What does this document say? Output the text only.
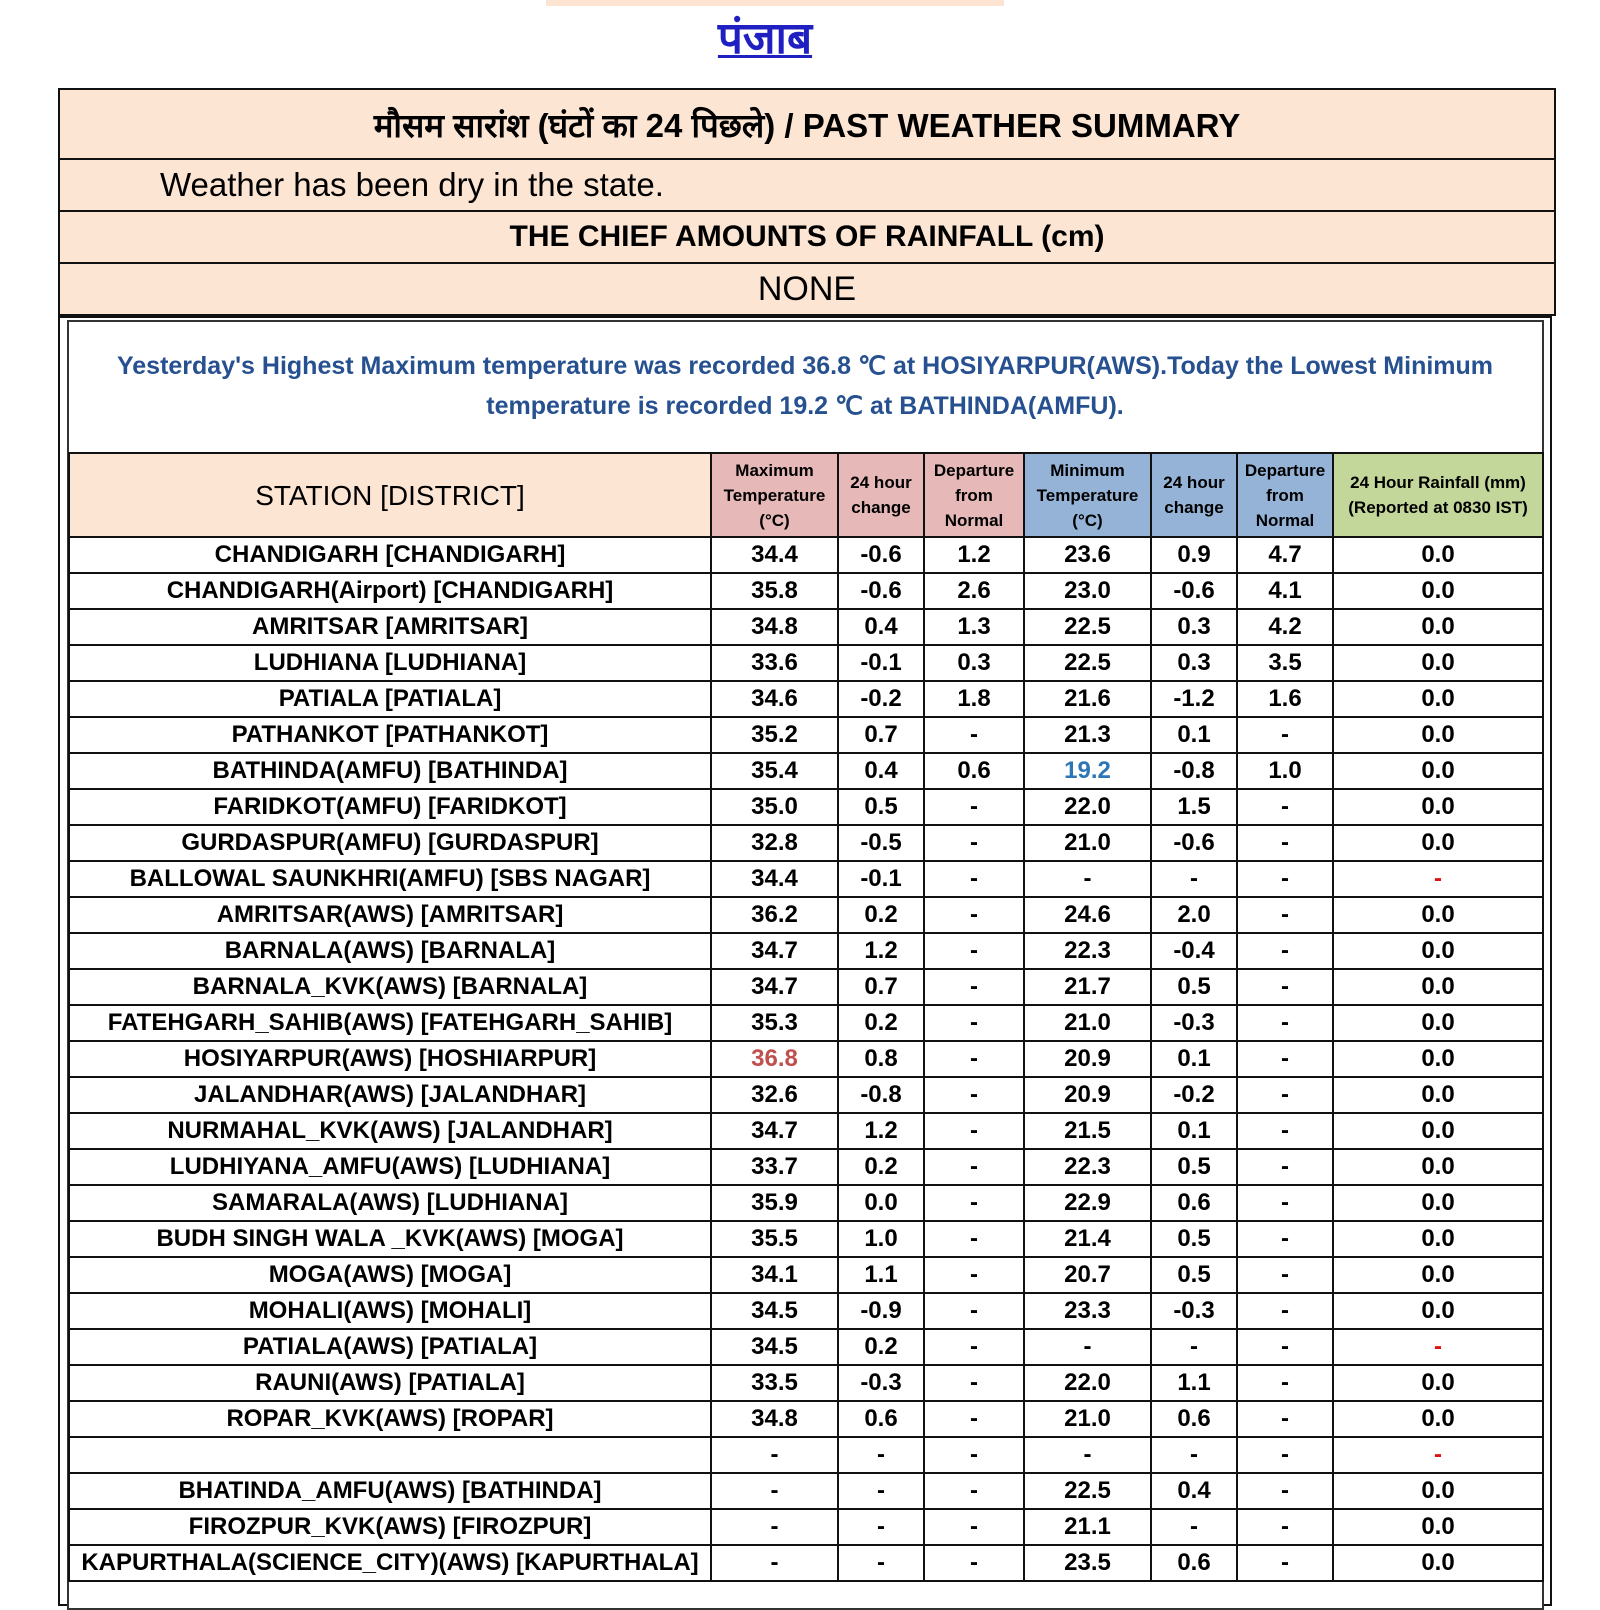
पंजाब
मौसम सारांश (घंटों का 24 पिछले) / PAST WEATHER SUMMARY
Weather has been dry in the state.
THE CHIEF AMOUNTS OF RAINFALL (cm)
NONE
Yesterday's Highest Maximum temperature was recorded 36.8 ℃ at HOSIYARPUR(AWS).Today the Lowest Minimum temperature is recorded 19.2 ℃ at BATHINDA(AMFU).
STATION [DISTRICT]	Maximum Temperature (°C)	24 hour change	Departure from Normal	Minimum Temperature (°C)	24 hour change	Departure from Normal	24 Hour Rainfall (mm) (Reported at 0830 IST)
CHANDIGARH [CHANDIGARH]	34.4	-0.6	1.2	23.6	0.9	4.7	0.0
CHANDIGARH(Airport) [CHANDIGARH]	35.8	-0.6	2.6	23.0	-0.6	4.1	0.0
AMRITSAR [AMRITSAR]	34.8	0.4	1.3	22.5	0.3	4.2	0.0
LUDHIANA [LUDHIANA]	33.6	-0.1	0.3	22.5	0.3	3.5	0.0
PATIALA [PATIALA]	34.6	-0.2	1.8	21.6	-1.2	1.6	0.0
PATHANKOT [PATHANKOT]	35.2	0.7	-	21.3	0.1	-	0.0
BATHINDA(AMFU) [BATHINDA]	35.4	0.4	0.6	19.2	-0.8	1.0	0.0
FARIDKOT(AMFU) [FARIDKOT]	35.0	0.5	-	22.0	1.5	-	0.0
GURDASPUR(AMFU) [GURDASPUR]	32.8	-0.5	-	21.0	-0.6	-	0.0
BALLOWAL SAUNKHRI(AMFU) [SBS NAGAR]	34.4	-0.1	-	-	-	-	-
AMRITSAR(AWS) [AMRITSAR]	36.2	0.2	-	24.6	2.0	-	0.0
BARNALA(AWS) [BARNALA]	34.7	1.2	-	22.3	-0.4	-	0.0
BARNALA_KVK(AWS) [BARNALA]	34.7	0.7	-	21.7	0.5	-	0.0
FATEHGARH_SAHIB(AWS) [FATEHGARH_SAHIB]	35.3	0.2	-	21.0	-0.3	-	0.0
HOSIYARPUR(AWS) [HOSHIARPUR]	36.8	0.8	-	20.9	0.1	-	0.0
JALANDHAR(AWS) [JALANDHAR]	32.6	-0.8	-	20.9	-0.2	-	0.0
NURMAHAL_KVK(AWS) [JALANDHAR]	34.7	1.2	-	21.5	0.1	-	0.0
LUDHIYANA_AMFU(AWS) [LUDHIANA]	33.7	0.2	-	22.3	0.5	-	0.0
SAMARALA(AWS) [LUDHIANA]	35.9	0.0	-	22.9	0.6	-	0.0
BUDH SINGH WALA _KVK(AWS) [MOGA]	35.5	1.0	-	21.4	0.5	-	0.0
MOGA(AWS) [MOGA]	34.1	1.1	-	20.7	0.5	-	0.0
MOHALI(AWS) [MOHALI]	34.5	-0.9	-	23.3	-0.3	-	0.0
PATIALA(AWS) [PATIALA]	34.5	0.2	-	-	-	-	-
RAUNI(AWS) [PATIALA]	33.5	-0.3	-	22.0	1.1	-	0.0
ROPAR_KVK(AWS) [ROPAR]	34.8	0.6	-	21.0	0.6	-	0.0
	-	-	-	-	-	-	-
BHATINDA_AMFU(AWS) [BATHINDA]	-	-	-	22.5	0.4	-	0.0
FIROZPUR_KVK(AWS) [FIROZPUR]	-	-	-	21.1	-	-	0.0
KAPURTHALA(SCIENCE_CITY)(AWS) [KAPURTHALA]	-	-	-	23.5	0.6	-	0.0
